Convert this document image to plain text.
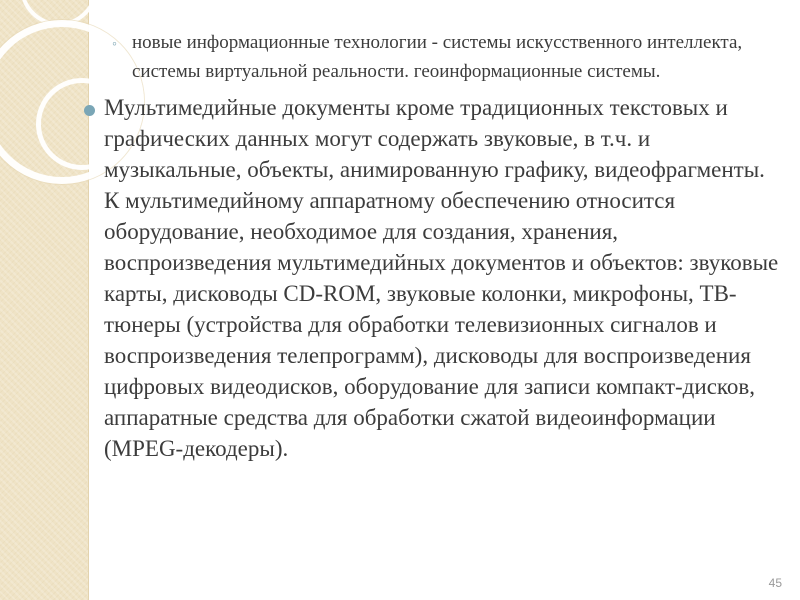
◦ новые информационные технологии - системы искусственного интеллекта, системы виртуальной реальности. геоинформационные системы.
Мультимедийные документы кроме традиционных текстовых и графических данных могут содержать звуковые, в т.ч. и музыкальные, объекты, анимированную графику, видеофрагменты. К мультимедийному аппаратному обеспечению относится оборудование, необходимое для создания, хранения, воспроизведения мультимедийных документов и объектов: звуковые карты, дисководы CD-ROM, звуковые колонки, микрофоны, ТВ-тюнеры (устройства для обработки телевизионных сигналов и воспроизведения телепрограмм), дисководы для воспроизведения цифровых видеодисков, оборудование для записи компакт-дисков, аппаратные средства для обработки сжатой видеоинформации (MPEG-декодеры).
45
